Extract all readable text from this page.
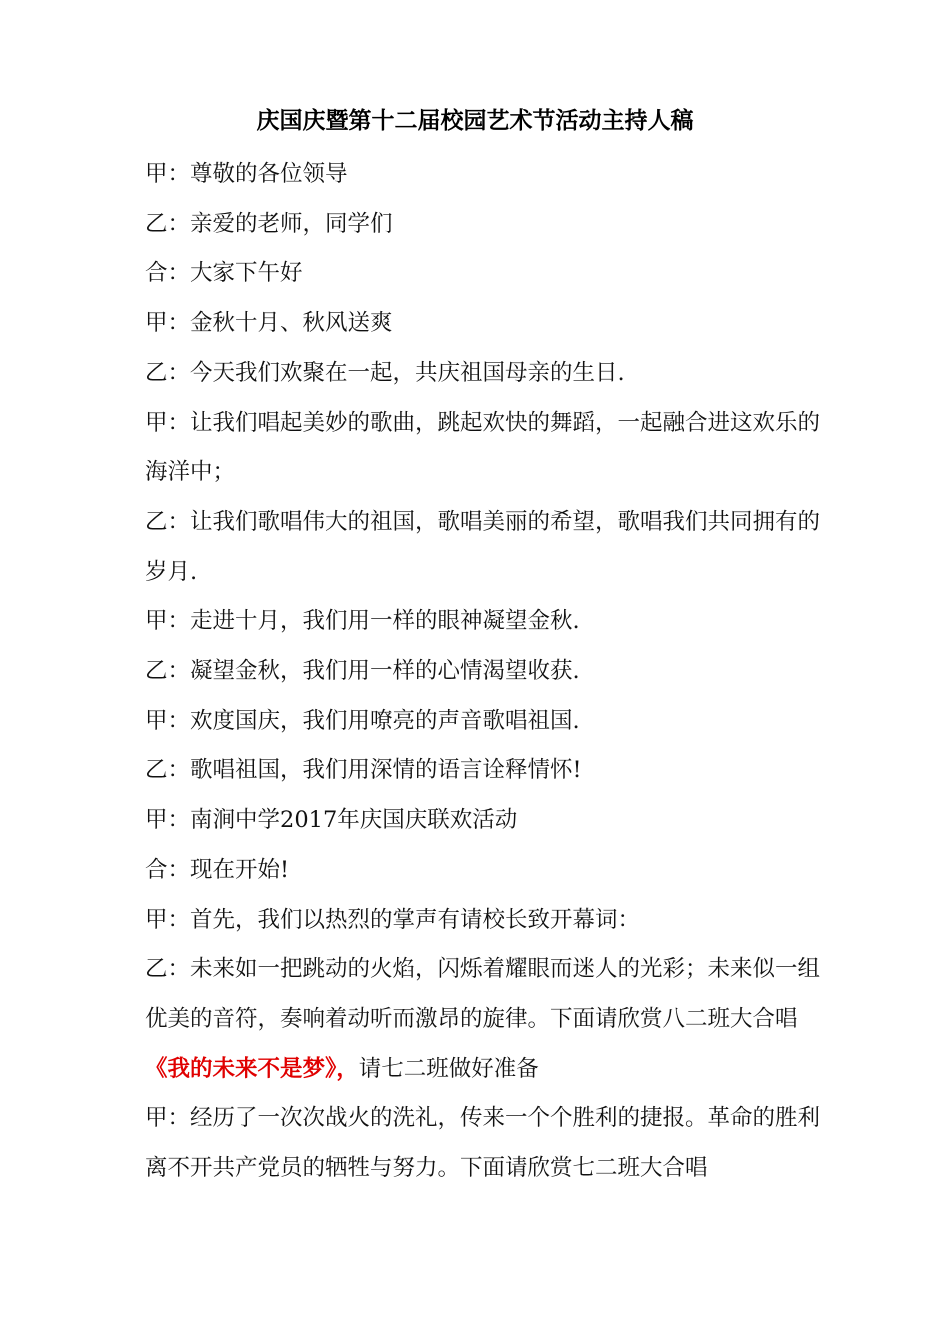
庆国庆暨第十二届校园艺术节活动主持人稿

甲：尊敬的各位领导

乙：亲爱的老师，同学们

合：大家下午好

甲：金秋十月、秋风送爽

乙：今天我们欢聚在一起，共庆祖国母亲的生日.

甲：让我们唱起美妙的歌曲，跳起欢快的舞蹈，一起融合进这欢乐的海洋中；

乙：让我们歌唱伟大的祖国，歌唱美丽的希望，歌唱我们共同拥有的岁月.

甲：走进十月，我们用一样的眼神凝望金秋.

乙：凝望金秋，我们用一样的心情渴望收获.

甲：欢度国庆，我们用嘹亮的声音歌唱祖国.

乙：歌唱祖国，我们用深情的语言诠释情怀!

甲：南涧中学2017年庆国庆联欢活动

合：现在开始!

甲：首先，我们以热烈的掌声有请校长致开幕词：

乙：未来如一把跳动的火焰，闪烁着耀眼而迷人的光彩；未来似一组优美的音符，奏响着动听而激昂的旋律。下面请欣赏八二班大合唱
《我的未来不是梦》，请七二班做好准备

甲：经历了一次次战火的洗礼，传来一个个胜利的捷报。革命的胜利离不开共产党员的牺牲与努力。下面请欣赏七二班大合唱
